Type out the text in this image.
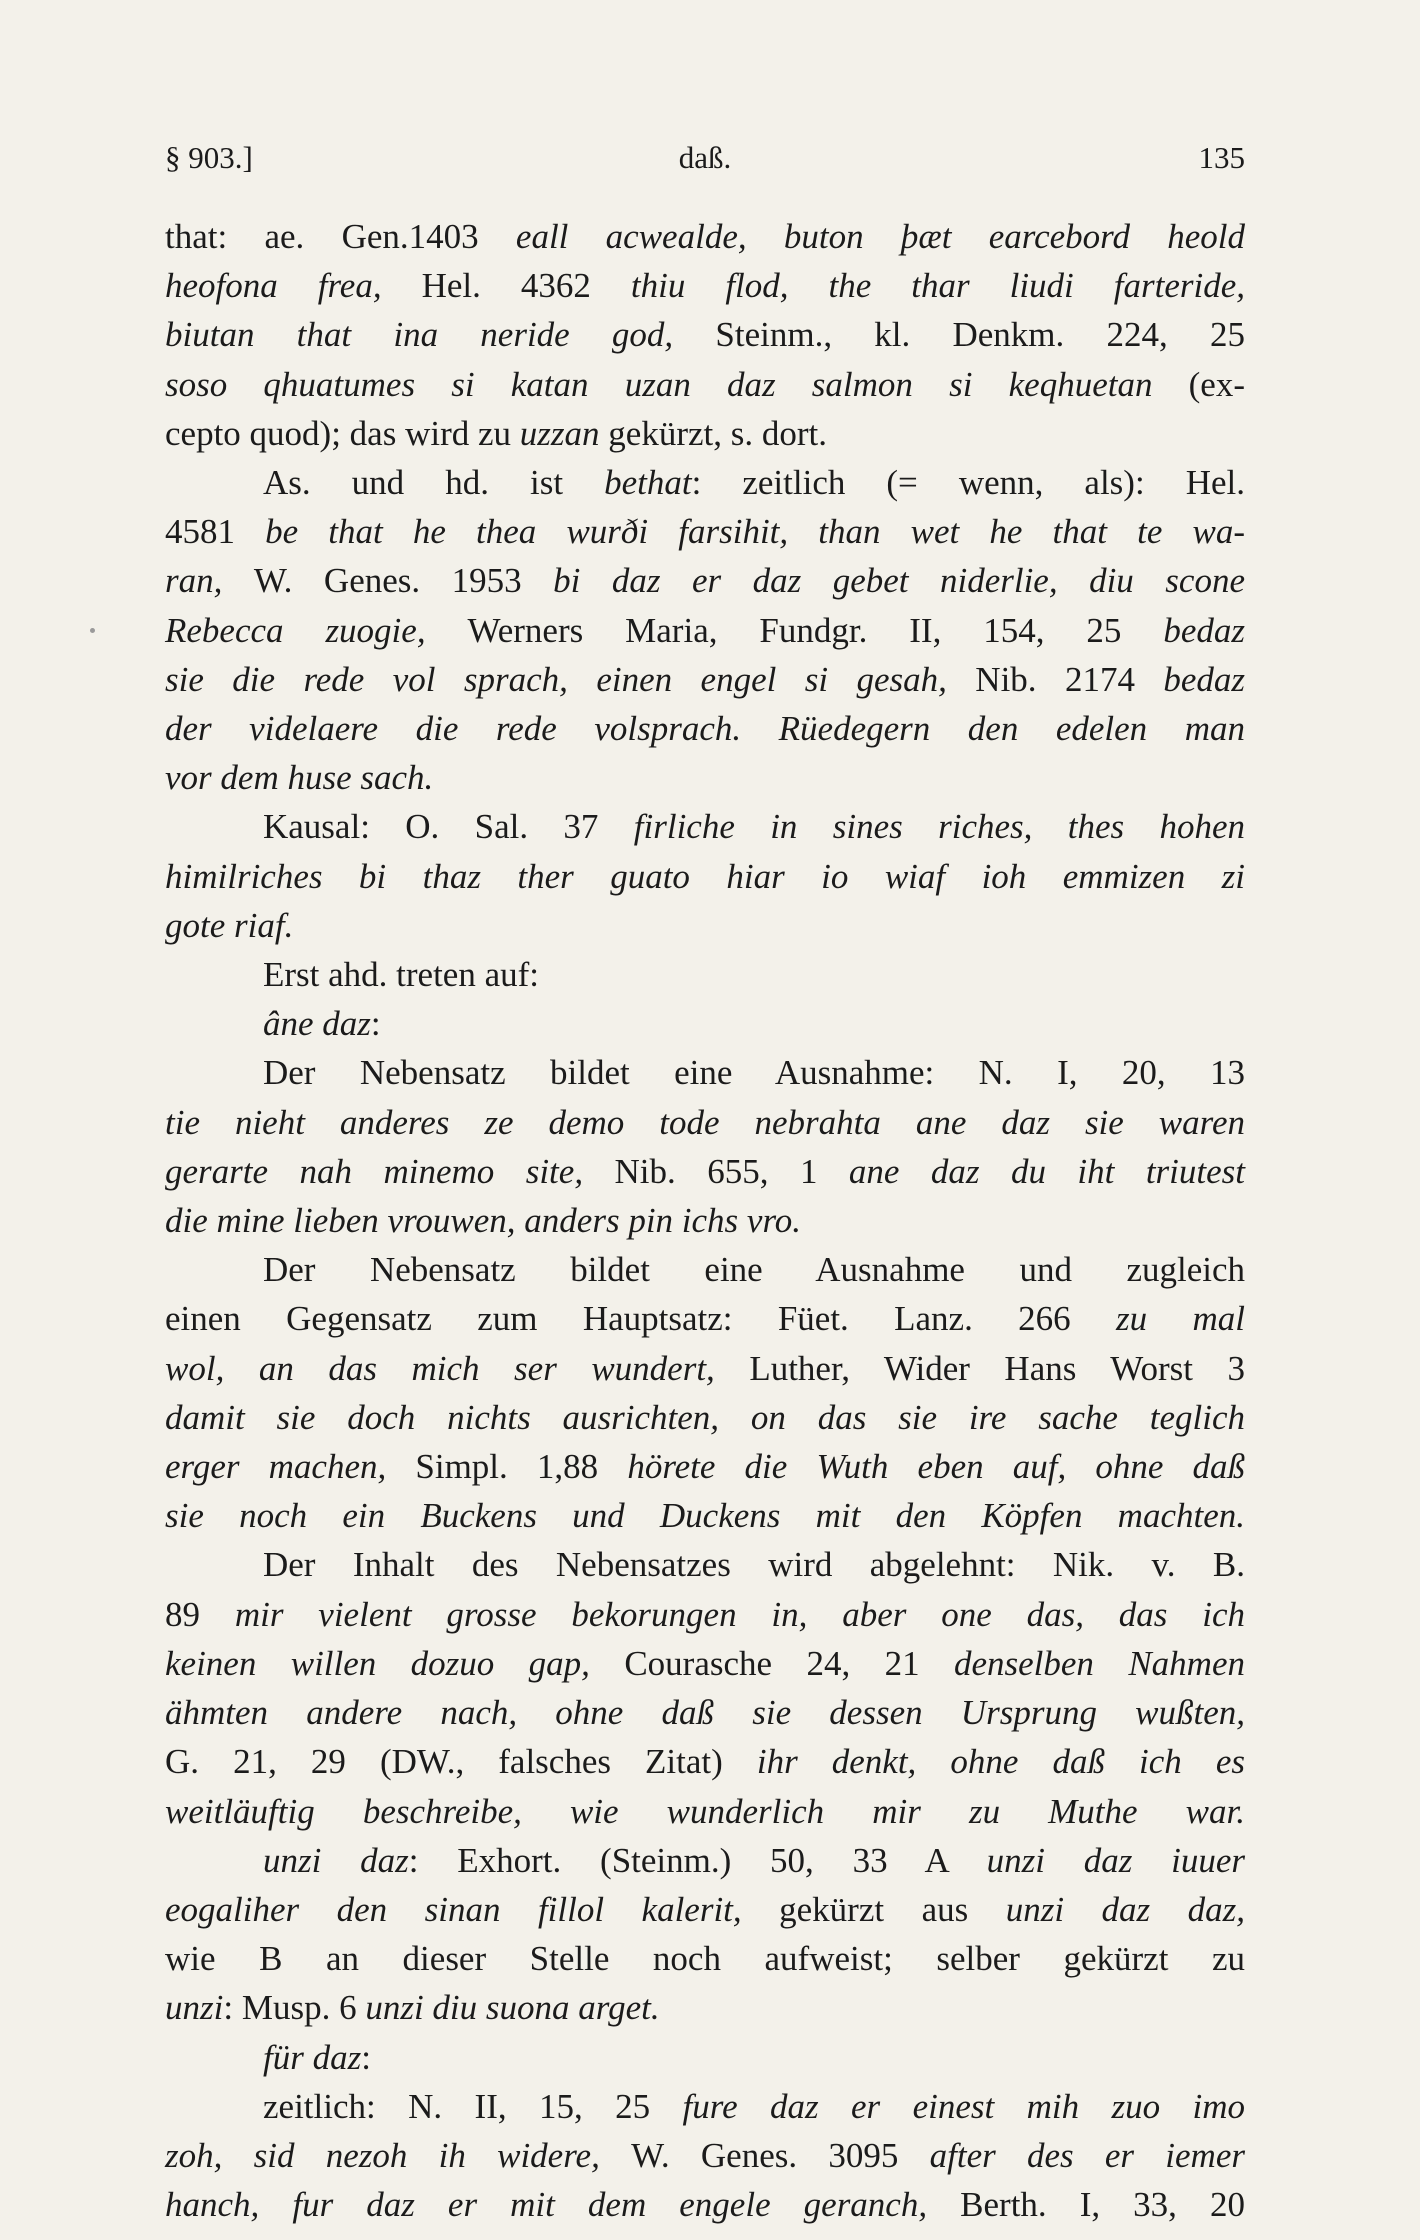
§ 903.]	daß.	135
that: ae. Gen.1403 eall acwealde, buton þæt earcebord heold
heofona frea, Hel. 4362 thiu flod, the thar liudi farteride,
biutan that ina neride god, Steinm., kl. Denkm. 224, 25
soso qhuatumes si katan uzan daz salmon si keqhuetan (ex-
cepto quod); das wird zu uzzan gekürzt, s. dort.
As. und hd. ist bethat: zeitlich (= wenn, als): Hel.
4581 be that he thea wurði farsihit, than wet he that te wa-
ran, W. Genes. 1953 bi daz er daz gebet niderlie, diu scone
Rebecca zuogie, Werners Maria, Fundgr. II, 154, 25 bedaz
sie die rede vol sprach, einen engel si gesah, Nib. 2174 bedaz
der videlaere die rede volsprach. Rüedegern den edelen man
vor dem huse sach.
Kausal: O. Sal. 37 firliche in sines riches, thes hohen
himilriches bi thaz ther guato hiar io wiaf ioh emmizen zi
gote riaf.
Erst ahd. treten auf:
âne daz:
Der Nebensatz bildet eine Ausnahme: N. I, 20, 13
tie nieht anderes ze demo tode nebrahta ane daz sie waren
gerarte nah minemo site, Nib. 655, 1 ane daz du iht triutest
die mine lieben vrouwen, anders pin ichs vro.
Der Nebensatz bildet eine Ausnahme und zugleich
einen Gegensatz zum Hauptsatz: Füet. Lanz. 266 zu mal
wol, an das mich ser wundert, Luther, Wider Hans Worst 3
damit sie doch nichts ausrichten, on das sie ire sache teglich
erger machen, Simpl. 1,88 hörete die Wuth eben auf, ohne daß
sie noch ein Buckens und Duckens mit den Köpfen machten.
Der Inhalt des Nebensatzes wird abgelehnt: Nik. v. B.
89 mir vielent grosse bekorungen in, aber one das, das ich
keinen willen dozuo gap, Courasche 24, 21 denselben Nahmen
ähmten andere nach, ohne daß sie dessen Ursprung wußten,
G. 21, 29 (DW., falsches Zitat) ihr denkt, ohne daß ich es
weitläuftig beschreibe, wie wunderlich mir zu Muthe war.
unzi daz: Exhort. (Steinm.) 50, 33 A unzi daz iuuer
eogaliher den sinan fillol kalerit, gekürzt aus unzi daz daz,
wie B an dieser Stelle noch aufweist; selber gekürzt zu
unzi: Musp. 6 unzi diu suona arget.
für daz:
zeitlich: N. II, 15, 25 fure daz er einest mih zuo imo
zoh, sid nezoh ih widere, W. Genes. 3095 after des er iemer
hanch, fur daz er mit dem engele geranch, Berth. I, 33, 20
